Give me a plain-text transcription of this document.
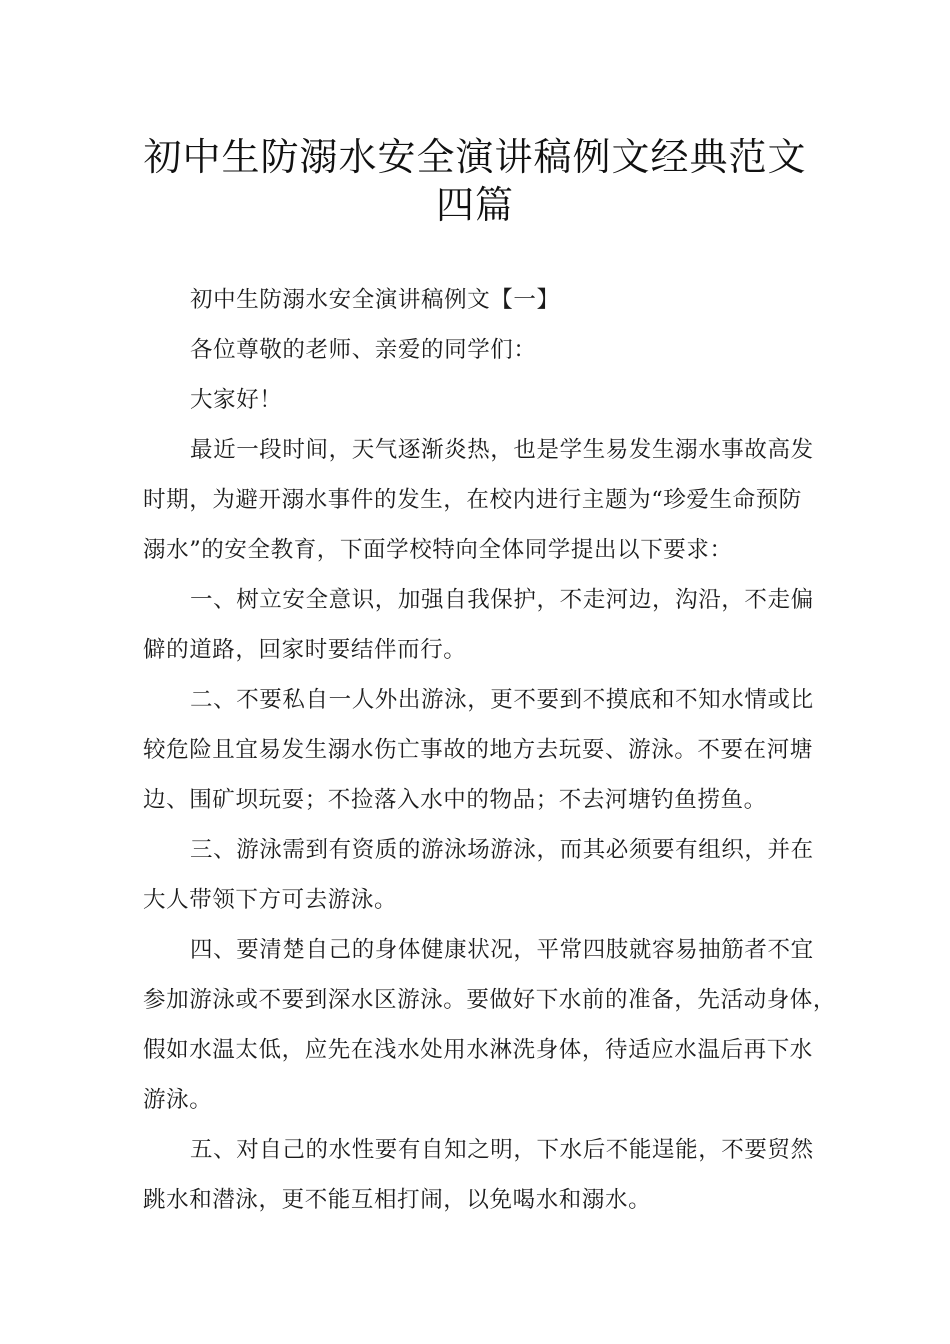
初中生防溺水安全演讲稿例文经典范文
四篇
初中生防溺水安全演讲稿例文【一】
各位尊敬的老师、亲爱的同学们：
大家好！
最近一段时间，天气逐渐炎热，也是学生易发生溺水事故高发
时期，为避开溺水事件的发生，在校内进行主题为“珍爱生命预防
溺水”的安全教育，下面学校特向全体同学提出以下要求：
一、树立安全意识，加强自我保护，不走河边，沟沿，不走偏
僻的道路，回家时要结伴而行。
二、不要私自一人外出游泳，更不要到不摸底和不知水情或比
较危险且宜易发生溺水伤亡事故的地方去玩耍、游泳。不要在河塘
边、围矿坝玩耍；不捡落入水中的物品；不去河塘钓鱼捞鱼。
三、游泳需到有资质的游泳场游泳，而其必须要有组织，并在
大人带领下方可去游泳。
四、要清楚自己的身体健康状况，平常四肢就容易抽筋者不宜
参加游泳或不要到深水区游泳。要做好下水前的准备，先活动身体，
假如水温太低，应先在浅水处用水淋洗身体，待适应水温后再下水
游泳。
五、对自己的水性要有自知之明，下水后不能逞能，不要贸然
跳水和潜泳，更不能互相打闹，以免喝水和溺水。
